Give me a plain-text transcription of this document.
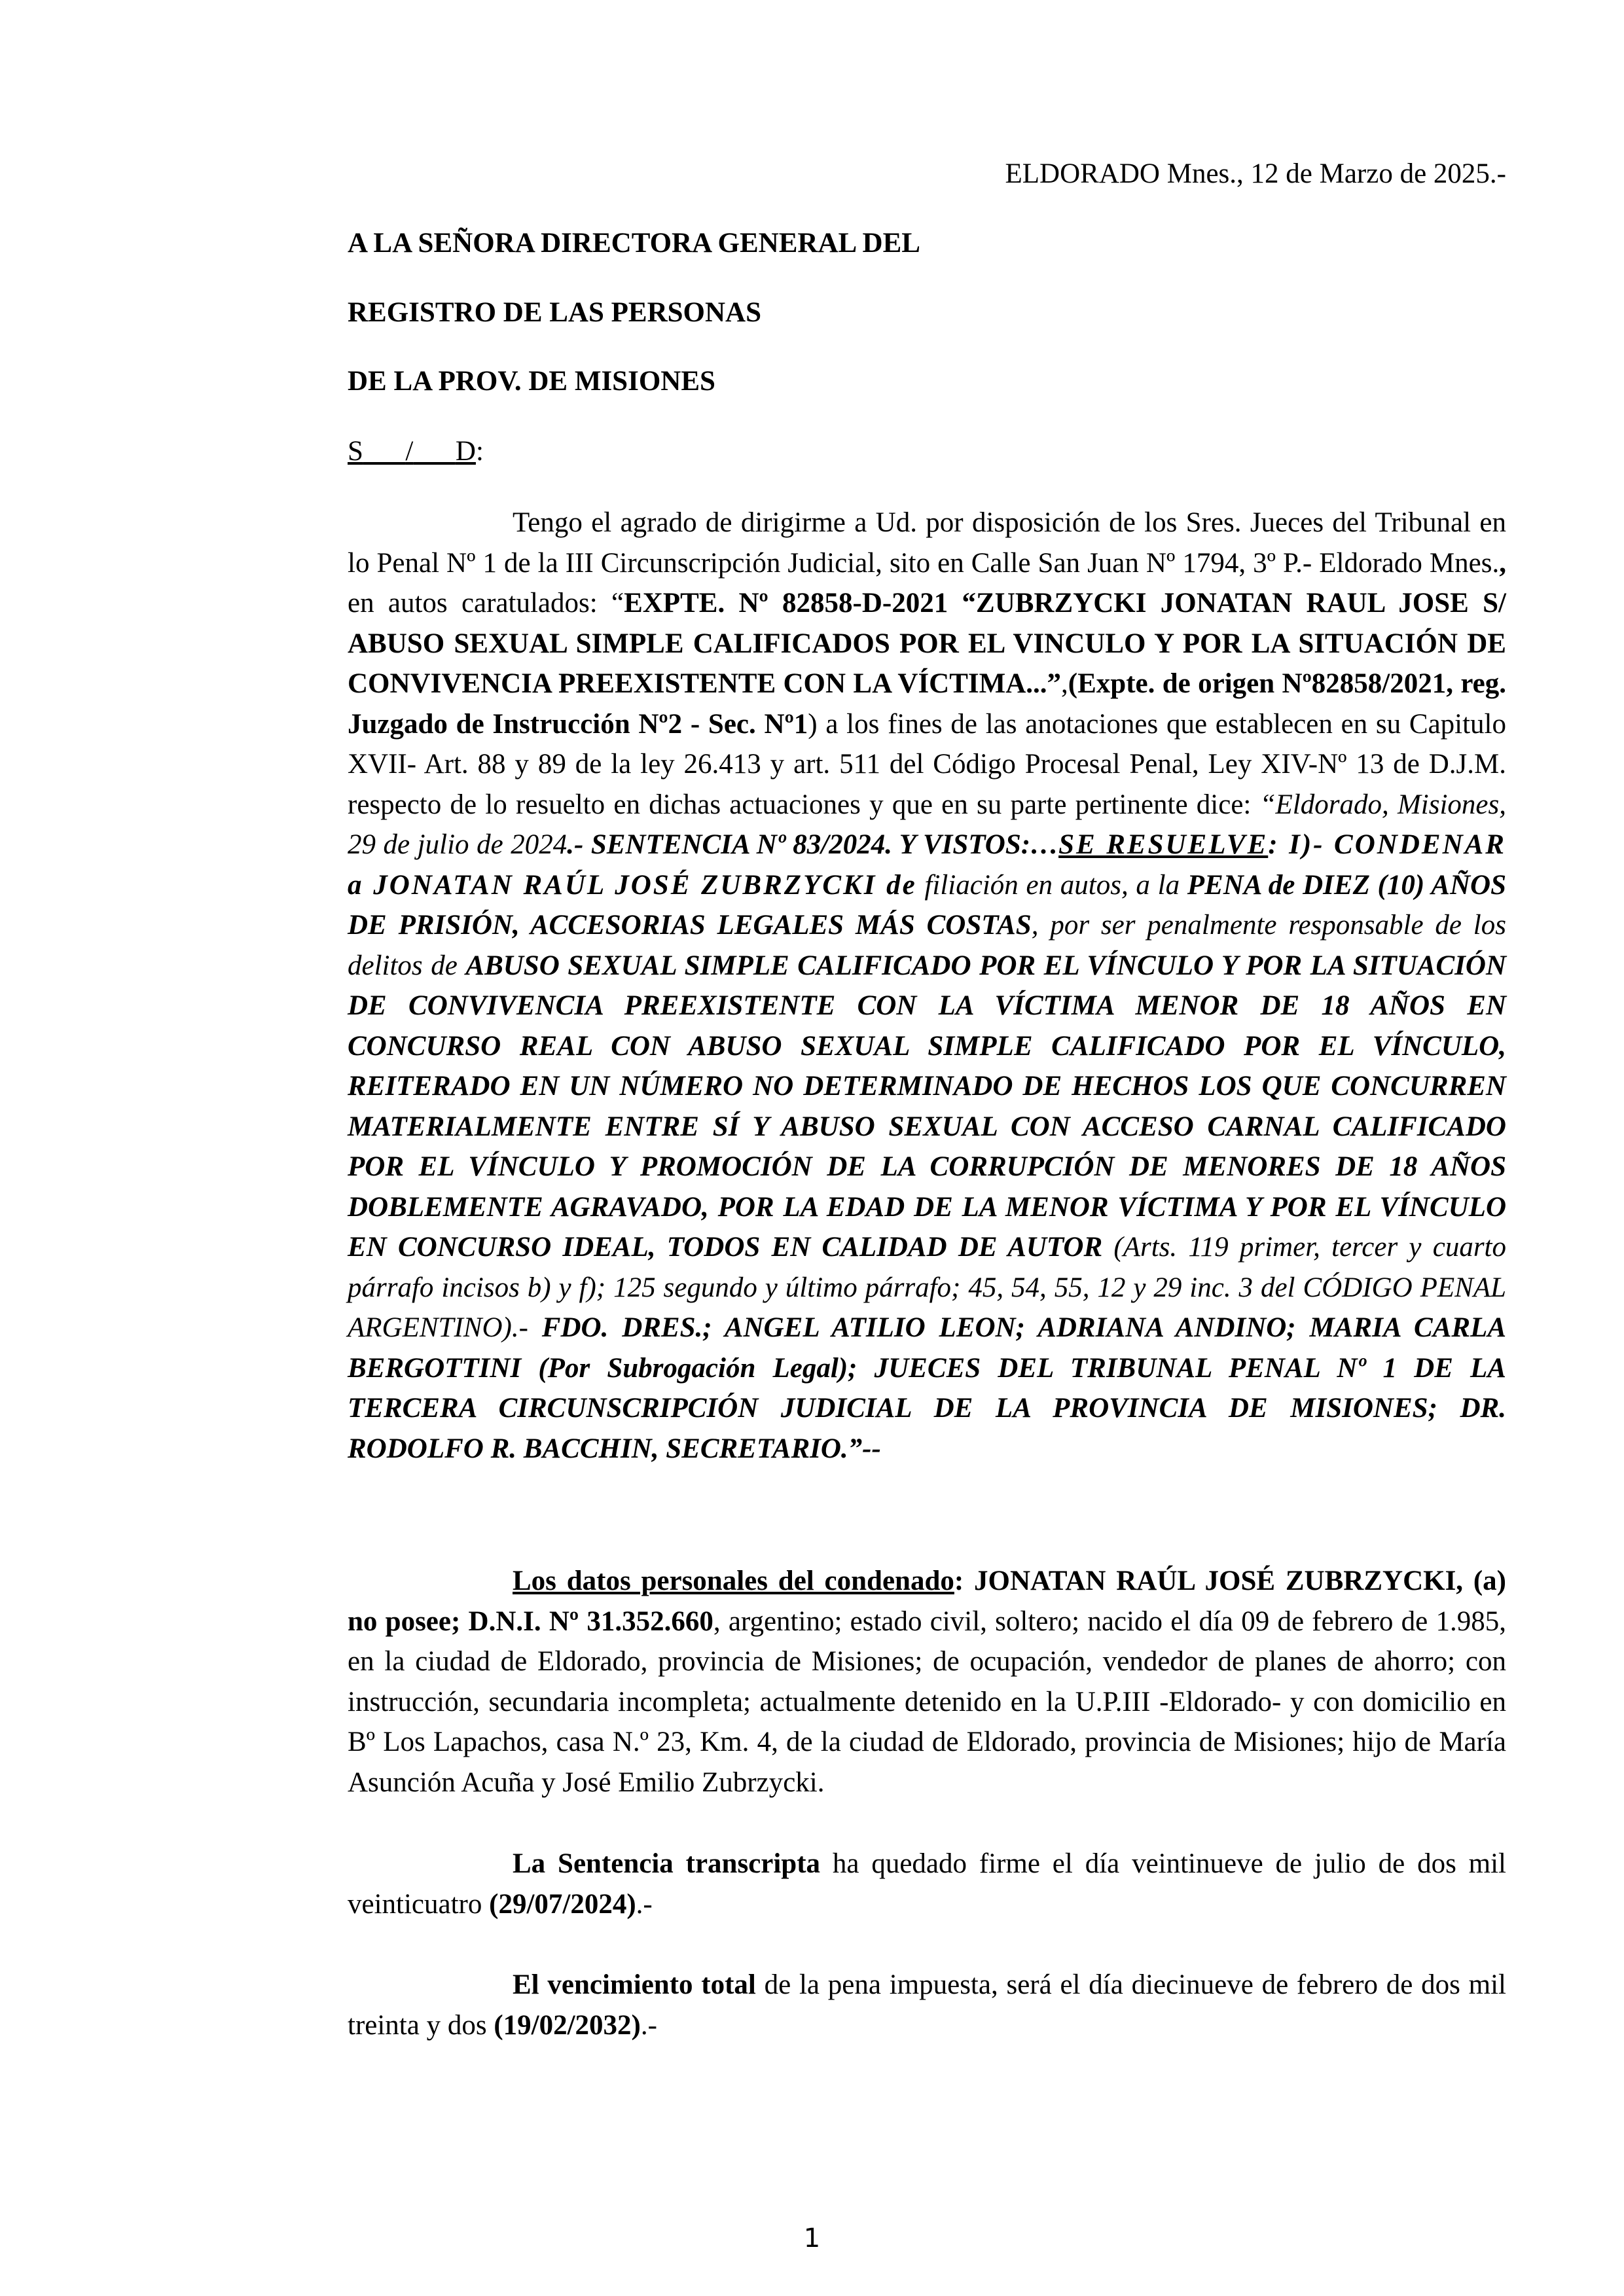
ELDORADO Mnes., 12 de Marzo de 2025.-
A LA SEÑORA DIRECTORA GENERAL DEL
REGISTRO DE LAS PERSONAS
DE LA PROV. DE MISIONES
S / D:

Tengo el agrado de dirigirme a Ud. por disposición de los Sres. Jueces del Tribunal en lo Penal Nº 1 de la III Circunscripción Judicial, sito en Calle San Juan Nº 1794, 3º P.- Eldorado Mnes., en autos caratulados: “EXPTE. Nº 82858-D-2021 “ZUBRZYCKI JONATAN RAUL JOSE S/ ABUSO SEXUAL SIMPLE CALIFICADOS POR EL VINCULO Y POR LA SITUACIÓN DE CONVIVENCIA PREEXISTENTE CON LA VÍCTIMA...”,(Expte. de origen Nº82858/2021, reg. Juzgado de Instrucción Nº2 - Sec. Nº1) a los fines de las anotaciones que establecen en su Capitulo XVII- Art. 88 y 89 de la ley 26.413 y art. 511 del Código Procesal Penal, Ley XIV-Nº 13 de D.J.M. respecto de lo resuelto en dichas actuaciones y que en su parte pertinente dice: “Eldorado, Misiones, 29 de julio de 2024.- SENTENCIA Nº 83/2024. Y VISTOS:…SE RESUELVE: I)- CONDENAR a JONATAN RAÚL JOSÉ ZUBRZYCKI de filiación en autos, a la PENA de DIEZ (10) AÑOS DE PRISIÓN, ACCESORIAS LEGALES MÁS COSTAS, por ser penalmente responsable de los delitos de ABUSO SEXUAL SIMPLE CALIFICADO POR EL VÍNCULO Y POR LA SITUACIÓN DE CONVIVENCIA PREEXISTENTE CON LA VÍCTIMA MENOR DE 18 AÑOS EN CONCURSO REAL CON ABUSO SEXUAL SIMPLE CALIFICADO POR EL VÍNCULO, REITERADO EN UN NÚMERO NO DETERMINADO DE HECHOS LOS QUE CONCURREN MATERIALMENTE ENTRE SÍ Y ABUSO SEXUAL CON ACCESO CARNAL CALIFICADO POR EL VÍNCULO Y PROMOCIÓN DE LA CORRUPCIÓN DE MENORES DE 18 AÑOS DOBLEMENTE AGRAVADO, POR LA EDAD DE LA MENOR VÍCTIMA Y POR EL VÍNCULO EN CONCURSO IDEAL, TODOS EN CALIDAD DE AUTOR (Arts. 119 primer, tercer y cuarto párrafo incisos b) y f); 125 segundo y último párrafo; 45, 54, 55, 12 y 29 inc. 3 del CÓDIGO PENAL ARGENTINO).- FDO. DRES.; ANGEL ATILIO LEON; ADRIANA ANDINO; MARIA CARLA BERGOTTINI (Por Subrogación Legal); JUECES DEL TRIBUNAL PENAL Nº 1 DE LA TERCERA CIRCUNSCRIPCIÓN JUDICIAL DE LA PROVINCIA DE MISIONES; DR. RODOLFO R. BACCHIN, SECRETARIO.”--

Los datos personales del condenado: JONATAN RAÚL JOSÉ ZUBRZYCKI, (a) no posee; D.N.I. Nº 31.352.660, argentino; estado civil, soltero; nacido el día 09 de febrero de 1.985, en la ciudad de Eldorado, provincia de Misiones; de ocupación, vendedor de planes de ahorro; con instrucción, secundaria incompleta; actualmente detenido en la U.P.III -Eldorado- y con domicilio en Bº Los Lapachos, casa N.º 23, Km. 4, de la ciudad de Eldorado, provincia de Misiones; hijo de María Asunción Acuña y José Emilio Zubrzycki.

La Sentencia transcripta ha quedado firme el día veintinueve de julio de dos mil veinticuatro (29/07/2024).-

El vencimiento total de la pena impuesta, será el día diecinueve de febrero de dos mil treinta y dos (19/02/2032).-

1
